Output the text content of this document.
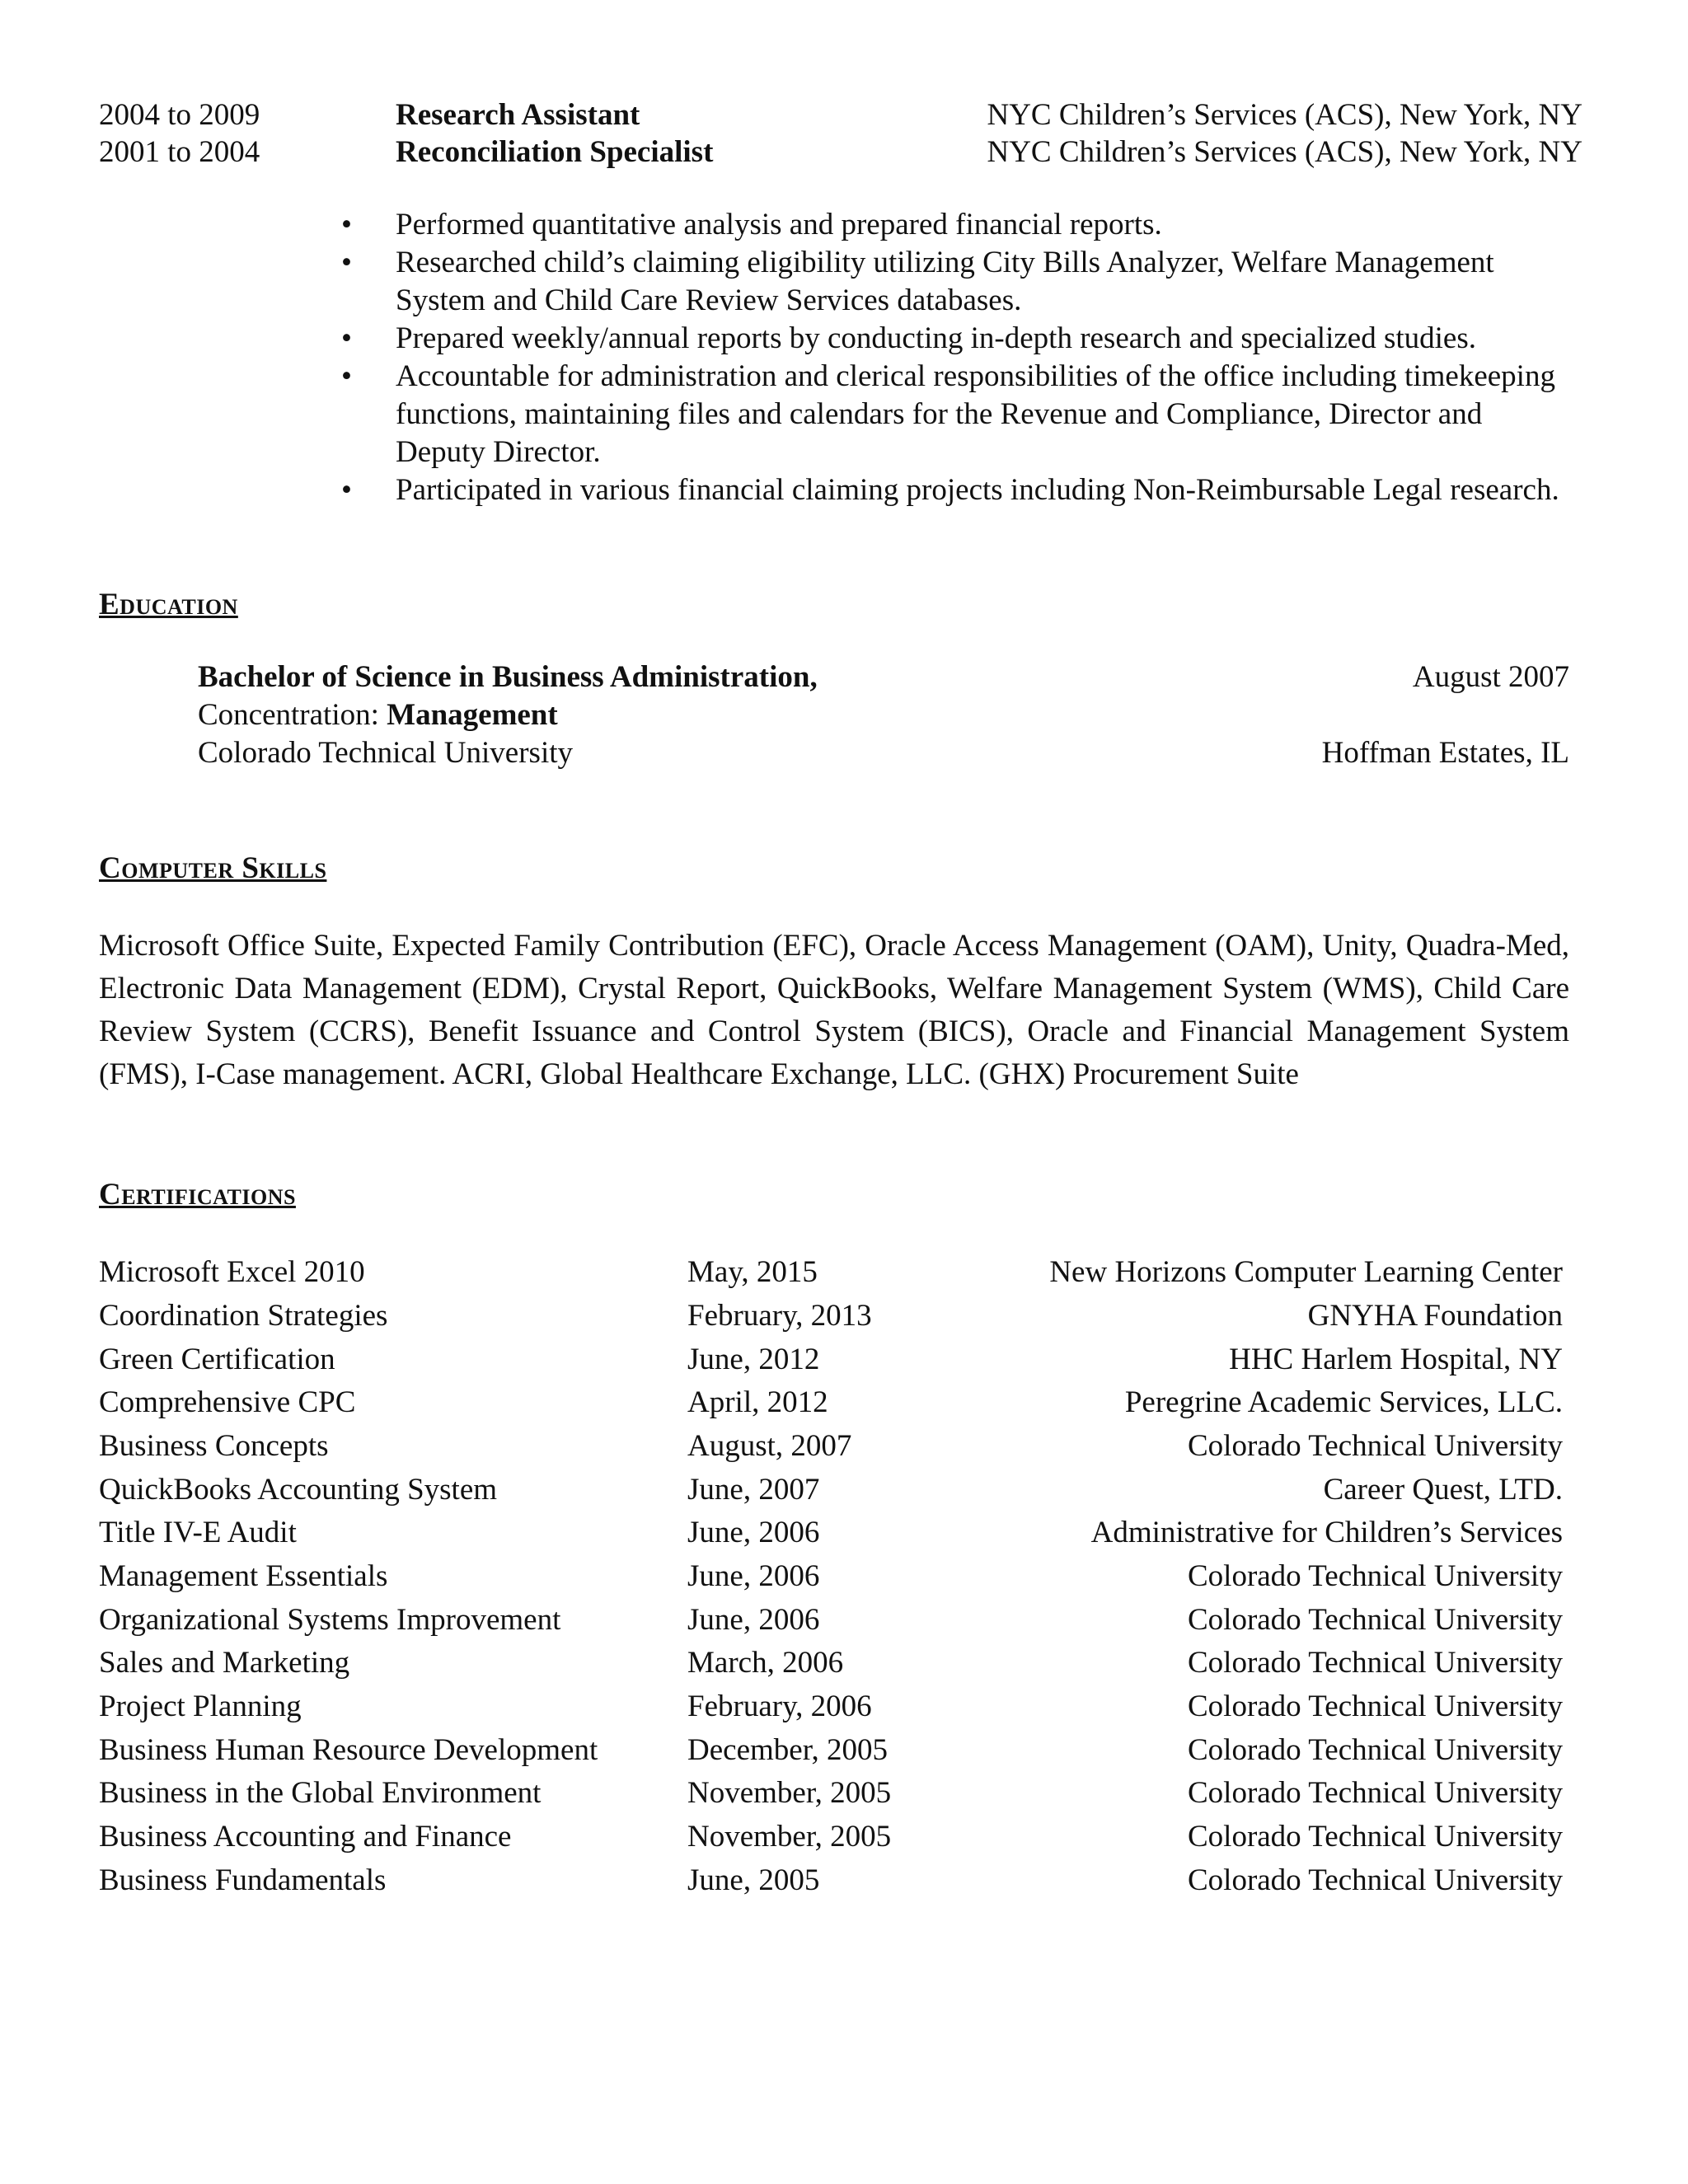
2004 to 2009	Research Assistant	NYC Children’s Services (ACS), New York, NY
2001 to 2004	Reconciliation Specialist	NYC Children’s Services (ACS), New York, NY
• Performed quantitative analysis and prepared financial reports.
• Researched child’s claiming eligibility utilizing City Bills Analyzer, Welfare Management System and Child Care Review Services databases.
• Prepared weekly/annual reports by conducting in-depth research and specialized studies.
• Accountable for administration and clerical responsibilities of the office including timekeeping functions, maintaining files and calendars for the Revenue and Compliance, Director and Deputy Director.
• Participated in various financial claiming projects including Non-Reimbursable Legal research.
Education
Bachelor of Science in Business Administration,	August 2007
Concentration: Management
Colorado Technical University	Hoffman Estates, IL
Computer Skills

Microsoft Office Suite, Expected Family Contribution (EFC), Oracle Access Management (OAM), Unity, Quadra-Med, Electronic Data Management (EDM), Crystal Report, QuickBooks, Welfare Management System (WMS), Child Care Review System (CCRS), Benefit Issuance and Control System (BICS), Oracle and Financial Management System (FMS), I-Case management. ACRI, Global Healthcare Exchange, LLC. (GHX) Procurement Suite

Certifications
Microsoft Excel 2010	May, 2015	New Horizons Computer Learning Center
Coordination Strategies	February, 2013	GNYHA Foundation
Green Certification	June, 2012	HHC Harlem Hospital, NY
Comprehensive CPC	April, 2012	Peregrine Academic Services, LLC.
Business Concepts	August, 2007	Colorado Technical University
QuickBooks Accounting System	June, 2007	Career Quest, LTD.
Title IV-E Audit	June, 2006	Administrative for Children’s Services
Management Essentials	June, 2006	Colorado Technical University
Organizational Systems Improvement	June, 2006	Colorado Technical University
Sales and Marketing	March, 2006	Colorado Technical University
Project Planning	February, 2006	Colorado Technical University
Business Human Resource Development	December, 2005	Colorado Technical University
Business in the Global Environment	November, 2005	Colorado Technical University
Business Accounting and Finance	November, 2005	Colorado Technical University
Business Fundamentals	June, 2005	Colorado Technical University
